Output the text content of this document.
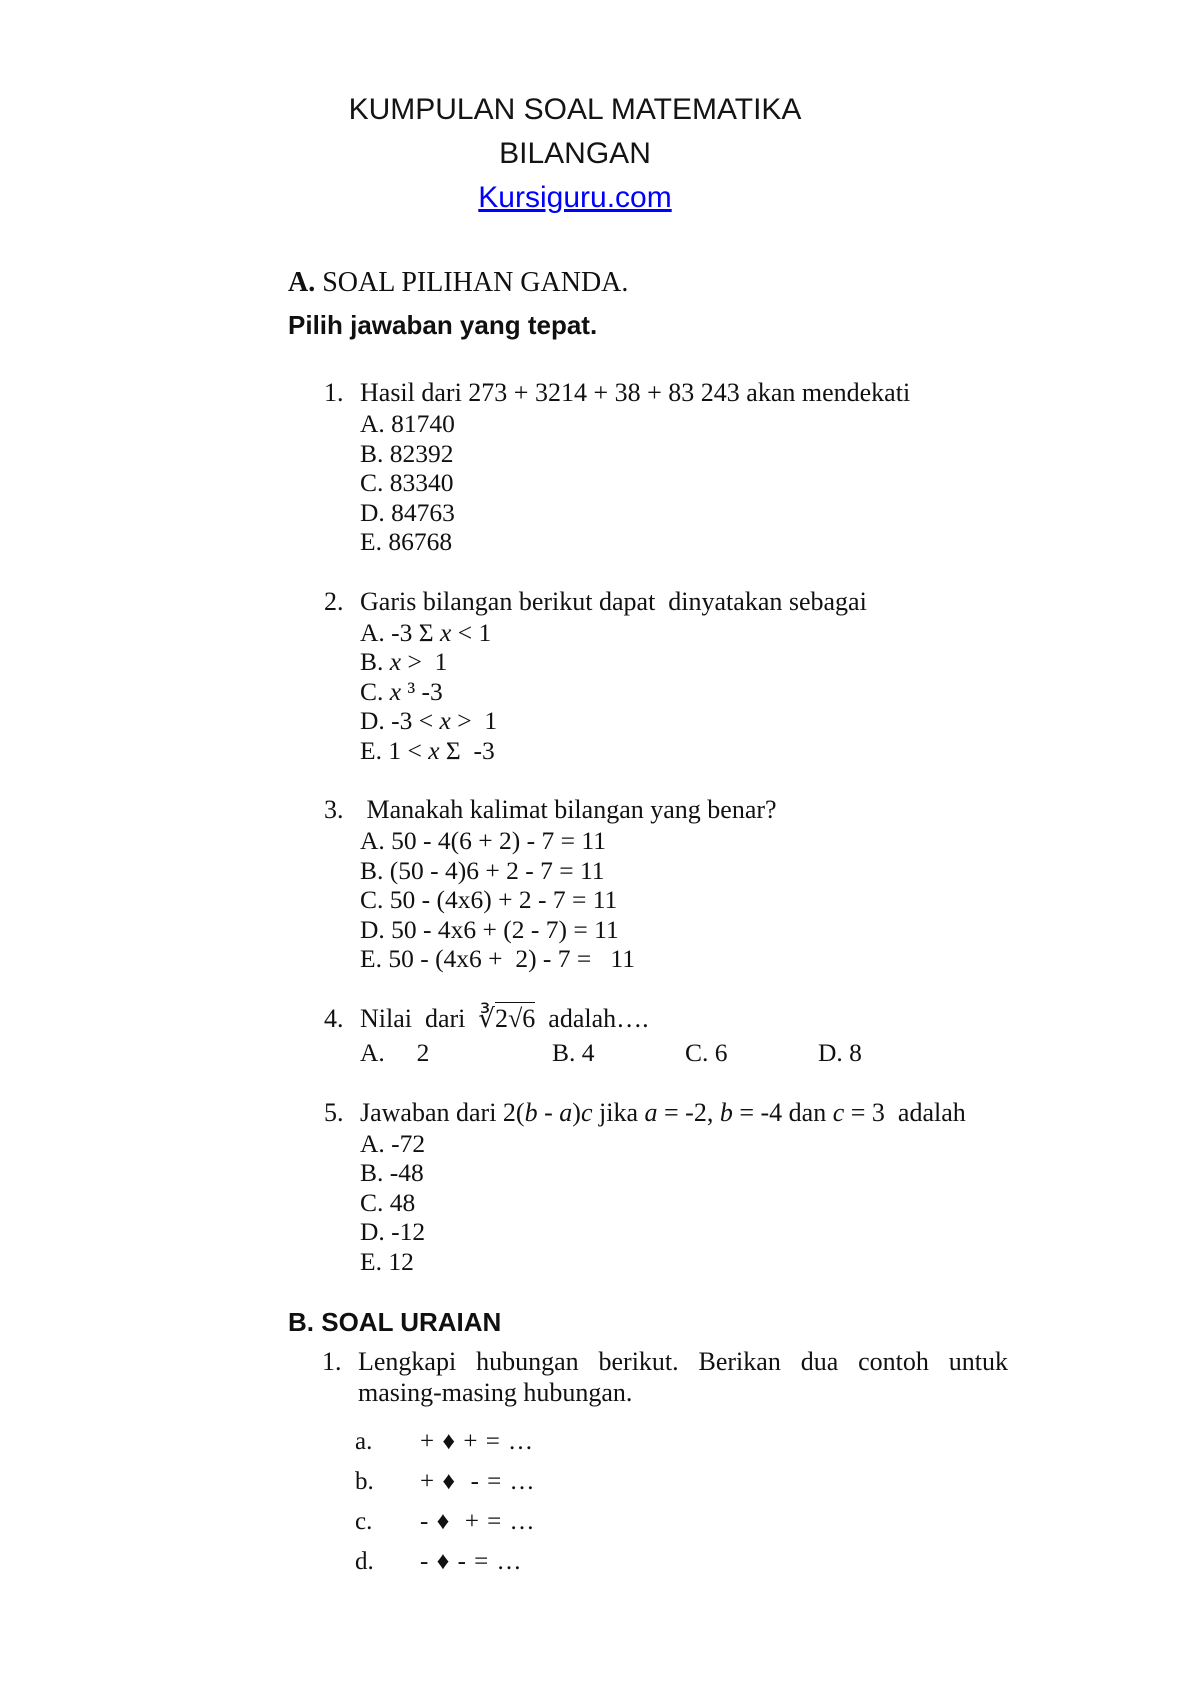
KUMPULAN SOAL MATEMATIKA
BILANGAN
Kursiguru.com
A. SOAL PILIHAN GANDA.
Pilih jawaban yang tepat.
1. Hasil dari 273 + 3214 + 38 + 83 243 akan mendekati
A. 81740
B. 82392
C. 83340
D. 84763
E. 86768
2. Garis bilangan berikut dapat  dinyatakan sebagai
A. -3 Σ x < 1
B. x >  1
C. x ³ -3
D. -3 < x >  1
E. 1 < x Σ  -3
3. Manakah kalimat bilangan yang benar?
A. 50 - 4(6 + 2) - 7 = 11
B. (50 - 4)6 + 2 - 7 = 11
C. 50 - (4x6) + 2 - 7 = 11
D. 50 - 4x6 + (2 - 7) = 11
E. 50 - (4x6 +  2) - 7 =   11
4. Nilai  dari  ∛2√6  adalah….
A.     2	B. 4	C. 6	D. 8
5. Jawaban dari 2(b - a)c jika a = -2, b = -4 dan c = 3  adalah
A. -72
B. -48
C. 48
D. -12
E. 12
B. SOAL URAIAN
1. Lengkapi hubungan berikut. Berikan dua contoh untuk masing-masing hubungan.
a.	+ ♦ + = …
b.	+ ♦  - = …
c.	- ♦  + = …
d.	- ♦ - = …
